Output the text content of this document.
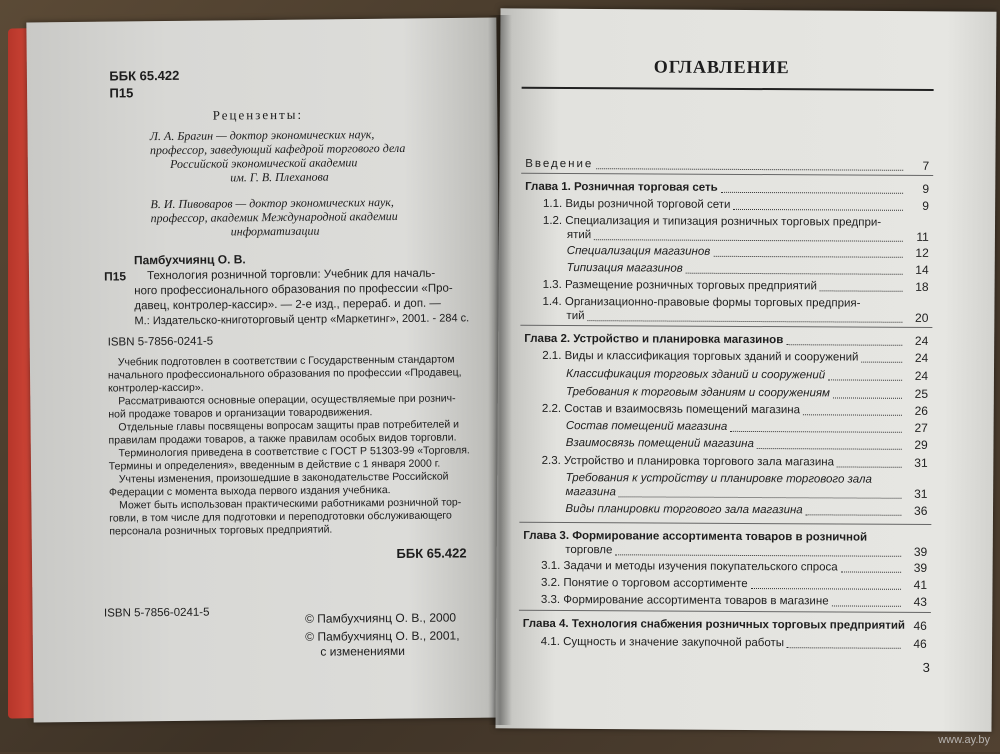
ББК 65.422
П15
Рецензенты:
Л. А. Брагин — доктор экономических наук,
профессор, заведующий кафедрой торгового дела
Российской экономической академии
им. Г. В. Плеханова
В. И. Пивоваров — доктор экономических наук,
профессор, академик Международной академии
информатизации
Памбухчиянц О. В.
П15 Технология розничной торговли: Учебник для началь-
ного профессионального образования по профессии «Про-
давец, контролер-кассир». — 2-е изд., перераб. и доп. —
М.: Издательско-книготорговый центр «Маркетинг», 2001. - 284 с.
ISBN 5-7856-0241-5
Учебник подготовлен в соответствии с Государственным стандартом
начального профессионального образования по профессии «Продавец,
контролер-кассир».
Рассматриваются основные операции, осуществляемые при рознич-
ной продаже товаров и организации товародвижения.
Отдельные главы посвящены вопросам защиты прав потребителей и
правилам продажи товаров, а также правилам особых видов торговли.
Терминология приведена в соответствие с ГОСТ Р 51303-99 «Торговля.
Термины и определения», введенным в действие с 1 января 2000 г.
Учтены изменения, произошедшие в законодательстве Российской
Федерации с момента выхода первого издания учебника.
Может быть использован практическими работниками розничной тор-
говли, в том числе для подготовки и переподготовки обслуживающего
персонала розничных торговых предприятий.
ББК 65.422
ISBN 5-7856-0241-5	© Памбухчиянц О. В., 2000
© Памбухчиянц О. В., 2001,
с изменениями
ОГЛАВЛЕНИЕ
Введение	7
Глава 1. Розничная торговая сеть	9
1.1. Виды розничной торговой сети	9
1.2. Специализация и типизация розничных торговых предпри-
ятий	11
Специализация магазинов	12
Типизация магазинов	14
1.3. Размещение розничных торговых предприятий	18
1.4. Организационно-правовые формы торговых предприя-
тий	20
Глава 2. Устройство и планировка магазинов	24
2.1. Виды и классификация торговых зданий и сооружений	24
Классификация торговых зданий и сооружений	24
Требования к торговым зданиям и сооружениям	25
2.2. Состав и взаимосвязь помещений магазина	26
Состав помещений магазина	27
Взаимосвязь помещений магазина	29
2.3. Устройство и планировка торгового зала магазина	31
Требования к устройству и планировке торгового зала
магазина	31
Виды планировки торгового зала магазина	36
Глава 3. Формирование ассортимента товаров в розничной
торговле	39
3.1. Задачи и методы изучения покупательского спроса	39
3.2. Понятие о торговом ассортименте	41
3.3. Формирование ассортимента товаров в магазине	43
Глава 4. Технология снабжения розничных торговых предприятий 46
4.1. Сущность и значение закупочной работы	46
3
www.ay.by
